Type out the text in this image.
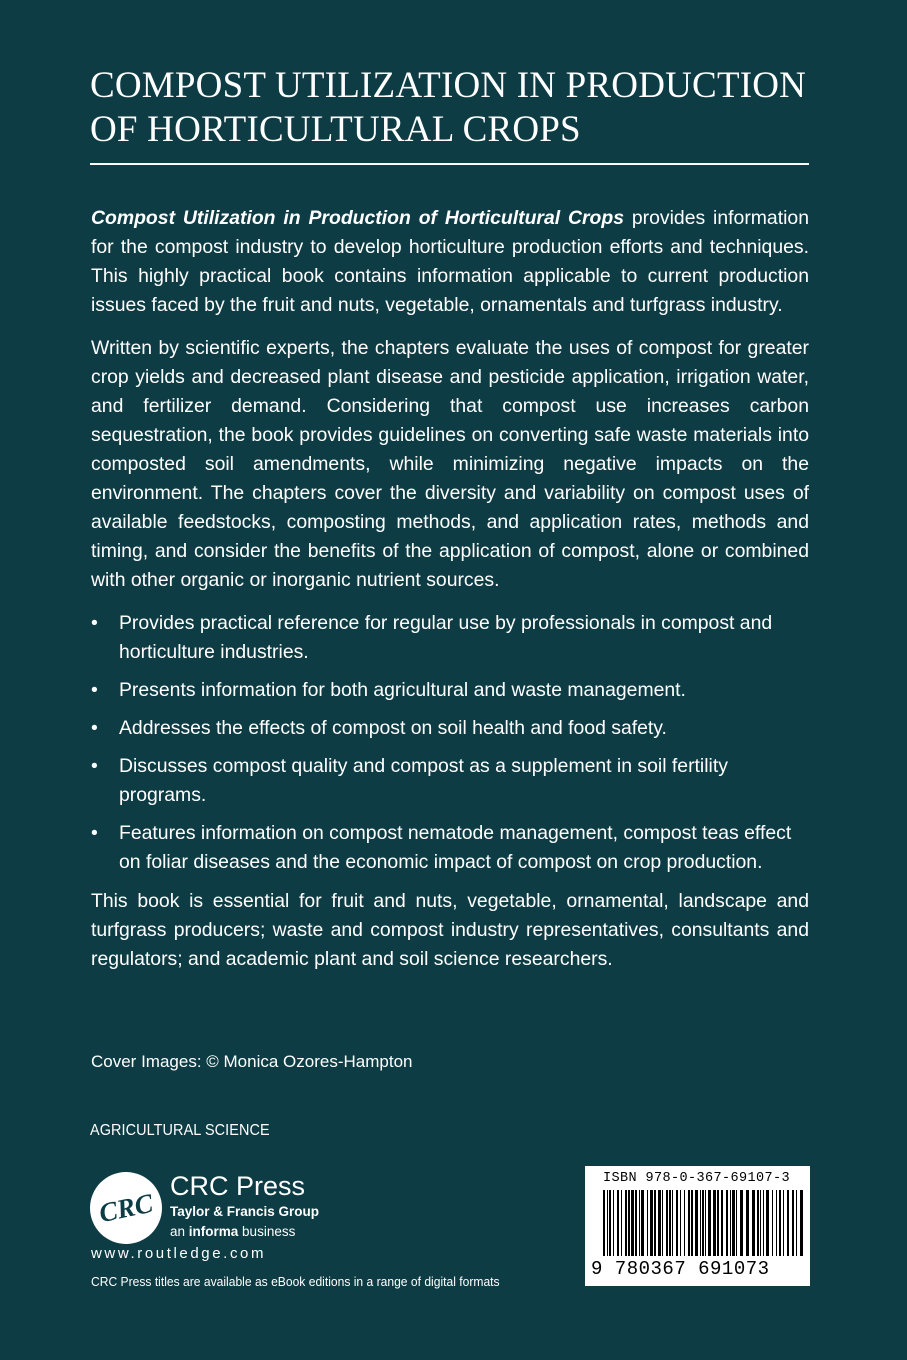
COMPOST UTILIZATION IN PRODUCTION
OF HORTICULTURAL CROPS

Compost Utilization in Production of Horticultural Crops provides information for the compost industry to develop horticulture production efforts and techniques. This highly practical book contains information applicable to current production issues faced by the fruit and nuts, vegetable, ornamentals and turfgrass industry.

Written by scientific experts, the chapters evaluate the uses of compost for greater crop yields and decreased plant disease and pesticide application, irrigation water, and fertilizer demand. Considering that compost use increases carbon sequestration, the book provides guidelines on converting safe waste materials into composted soil amendments, while minimizing negative impacts on the environment. The chapters cover the diversity and variability on compost uses of available feedstocks, composting methods, and application rates, methods and timing, and consider the benefits of the application of compost, alone or combined with other organic or inorganic nutrient sources.

• Provides practical reference for regular use by professionals in compost and horticulture industries.
• Presents information for both agricultural and waste management.
• Addresses the effects of compost on soil health and food safety.
• Discusses compost quality and compost as a supplement in soil fertility programs.
• Features information on compost nematode management, compost teas effect on foliar diseases and the economic impact of compost on crop production.

This book is essential for fruit and nuts, vegetable, ornamental, landscape and turfgrass producers; waste and compost industry representatives, consultants and regulators; and academic plant and soil science researchers.

Cover Images: © Monica Ozores-Hampton
AGRICULTURAL SCIENCE
CRC
CRC Press
Taylor & Francis Group
an informa business
www.routledge.com
CRC Press titles are available as eBook editions in a range of digital formats
ISBN 978-0-367-69107-3
9 780367 691073
